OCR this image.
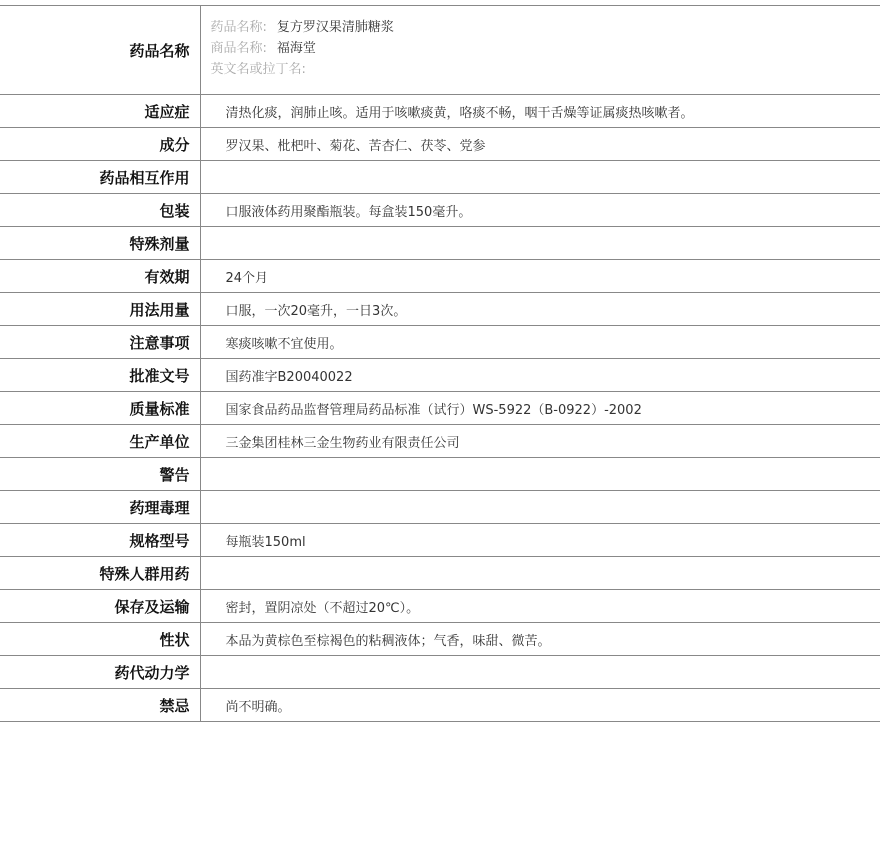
药品名称	药品名称: 复方罗汉果清肺糖浆
商品名称: 福海堂
英文名或拉丁名:

适应症	清热化痰，润肺止咳。适用于咳嗽痰黄，咯痰不畅，咽干舌燥等证属痰热咳嗽者。
成分	罗汉果、枇杷叶、菊花、苦杏仁、茯苓、党参
药品相互作用	
包装	口服液体药用聚酯瓶装。每盒装150毫升。
特殊剂量	
有效期	24个月
用法用量	口服，一次20毫升，一日3次。
注意事项	寒痰咳嗽不宜使用。
批准文号	国药准字B20040022
质量标准	国家食品药品监督管理局药品标准（试行）WS-5922（B-0922）-2002
生产单位	三金集团桂林三金生物药业有限责任公司
警告	
药理毒理	
规格型号	每瓶装150ml
特殊人群用药	
保存及运输	密封，置阴凉处（不超过20℃）。
性状	本品为黄棕色至棕褐色的粘稠液体；气香，味甜、微苦。
药代动力学	
禁忌	尚不明确。
